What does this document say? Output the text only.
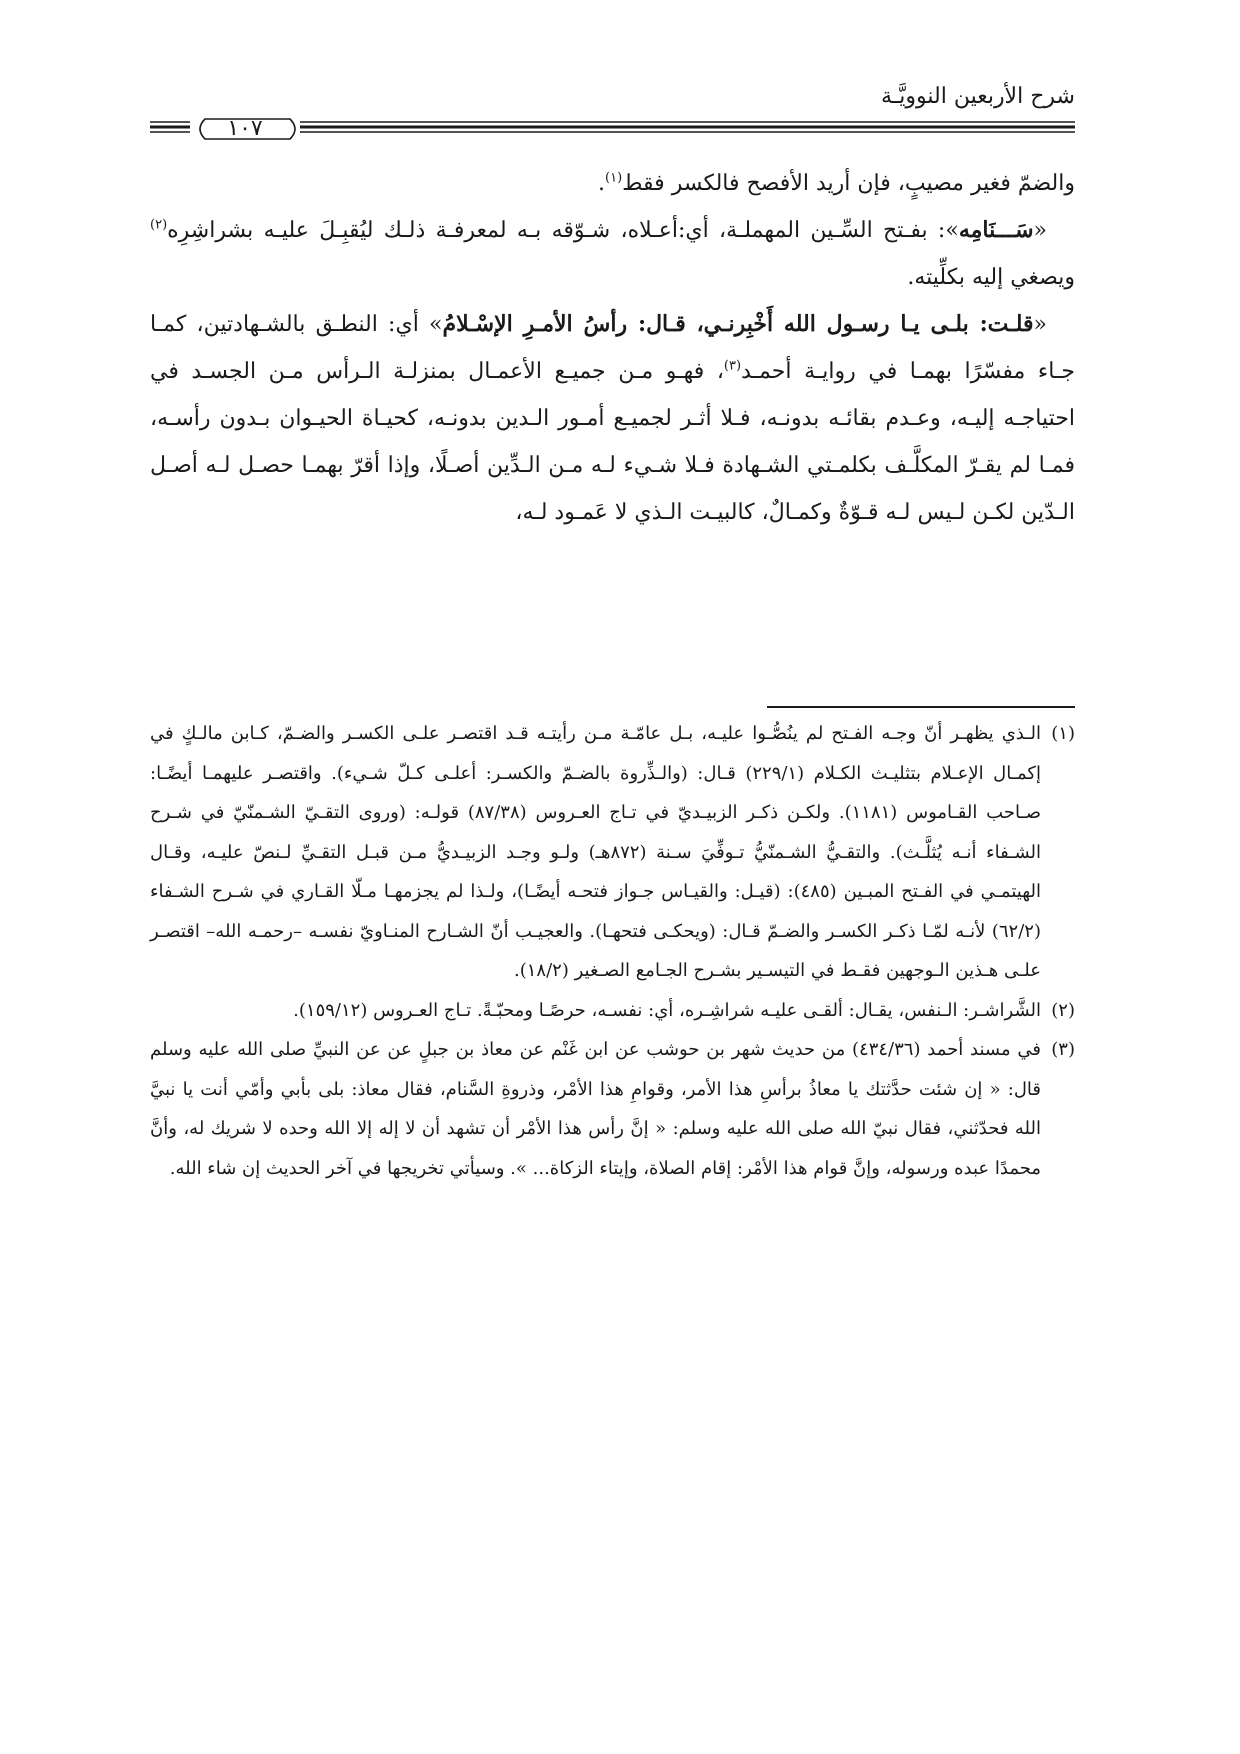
شرح الأربعين النوويَّـة
١٠٧

والضمّ فغير مصيبٍ، فإن أريد الأفصح فالكسر فقط$^{(١)}$.

«سَـــنَامِه»: بفـتح السِّـين المهملـة، أي:أعـلاه، شـوّقه بـه لمعرفـة ذلـك ليُقبِـلَ عليـه بشراشِرِه$^{(٢)}$ ويصغي إليه بكلِّيته.

«قلـت: بلـى يـا رسـول الله أَخْبِرنـي، قـال: رأسُ الأمـرِ الإسْـلامُ» أي: النطـق بالشـهادتين، كمـا جـاء مفسّرًا بهمـا في روايـة أحمـد$^{(٣)}$، فهـو مـن جميـع الأعمـال بمنزلـة الـرأس مـن الجسـد في احتياجـه إليـه، وعـدم بقائـه بدونـه، فـلا أثـر لجميـع أمـور الـدين بدونـه، كحيـاة الحيـوان بـدون رأسـه، فمـا لم يقـرّ المكلَّـف بكلمـتي الشـهادة فـلا شـيء لـه مـن الـدِّين أصـلًا، وإذا أقرّ بهمـا حصـل لـه أصـل الـدّين لكـن لـيس لـه قـوّةٌ وكمـالٌ، كالبيـت الـذي لا عَمـود لـه،

(١)
الـذي يظهـر أنّ وجـه الفـتح لم ينُصُّـوا عليـه، بـل عامّـة مـن رأيتـه قـد اقتصـر علـى الكسـر والضـمّ، كـابن مالـكٍ في إكمـال الإعـلام بتثليـث الكـلام (٢٢٩/١) قـال: (والـذِّروة بالضـمّ والكسـر: أعلـى كـلّ شـيء). واقتصـر عليهمـا أيضًـا: صـاحب القـاموس (١١٨١). ولكـن ذكـر الزبيـديّ في تـاج العـروس (٨٧/٣٨) قولـه: (وروى التقـيّ الشـمنّيّ في شـرح الشـفاء أنـه يُثلَّـث). والتقـيُّ الشـمنّيُّ تـوفِّيَ سـنة (٨٧٢هـ) ولـو وجـد الزبيـديُّ مـن قبـل التقـيِّ لـنصّ عليـه، وقـال الهيتمـي في الفـتح المبـين (٤٨٥): (قيـل: والقيـاس جـواز فتحـه أيضًـا)، ولـذا لم يجزمهـا مـلّا القـاري في شـرح الشـفاء (٦٢/٢) لأنـه لمّـا ذكـر الكسـر والضـمّ قـال: (ويحكـى فتحهـا). والعجيـب أنّ الشـارح المنـاويّ نفسـه –رحمـه الله– اقتصـر علـى هـذين الـوجهين فقـط في التيسـير بشـرح الجـامع الصـغير (١٨/٢).
(٢)
الشَّراشـر: الـنفس، يقـال: ألقـى عليـه شراشِـره، أي: نفسـه، حرصًـا ومحبّـةً. تـاج العـروس (١٥٩/١٢).
(٣)
في مسند أحمد (٤٣٤/٣٦) من حديث شهر بن حوشب عن ابن غَنْم عن معاذ بن جبلٍ عن عن النبيِّ صلى الله عليه وسلم قال: « إن شئت حدَّثتك يا معاذُ برأسِ هذا الأمر، وقوامِ هذا الأمْر، وذروةِ السَّنام، فقال معاذ: بلى بأبي وأمّي أنت يا نبيَّ الله فحدّثني، فقال نبيّ الله صلى الله عليه وسلم: « إنَّ رأس هذا الأمْر أن تشهد أن لا إله إلا الله وحده لا شريك له، وأنَّ محمدًا عبده ورسوله، وإنَّ قوام هذا الأمْر: إقام الصلاة، وإيتاء الزكاة... ». وسيأتي تخريجها في آخر الحديث إن شاء الله.
